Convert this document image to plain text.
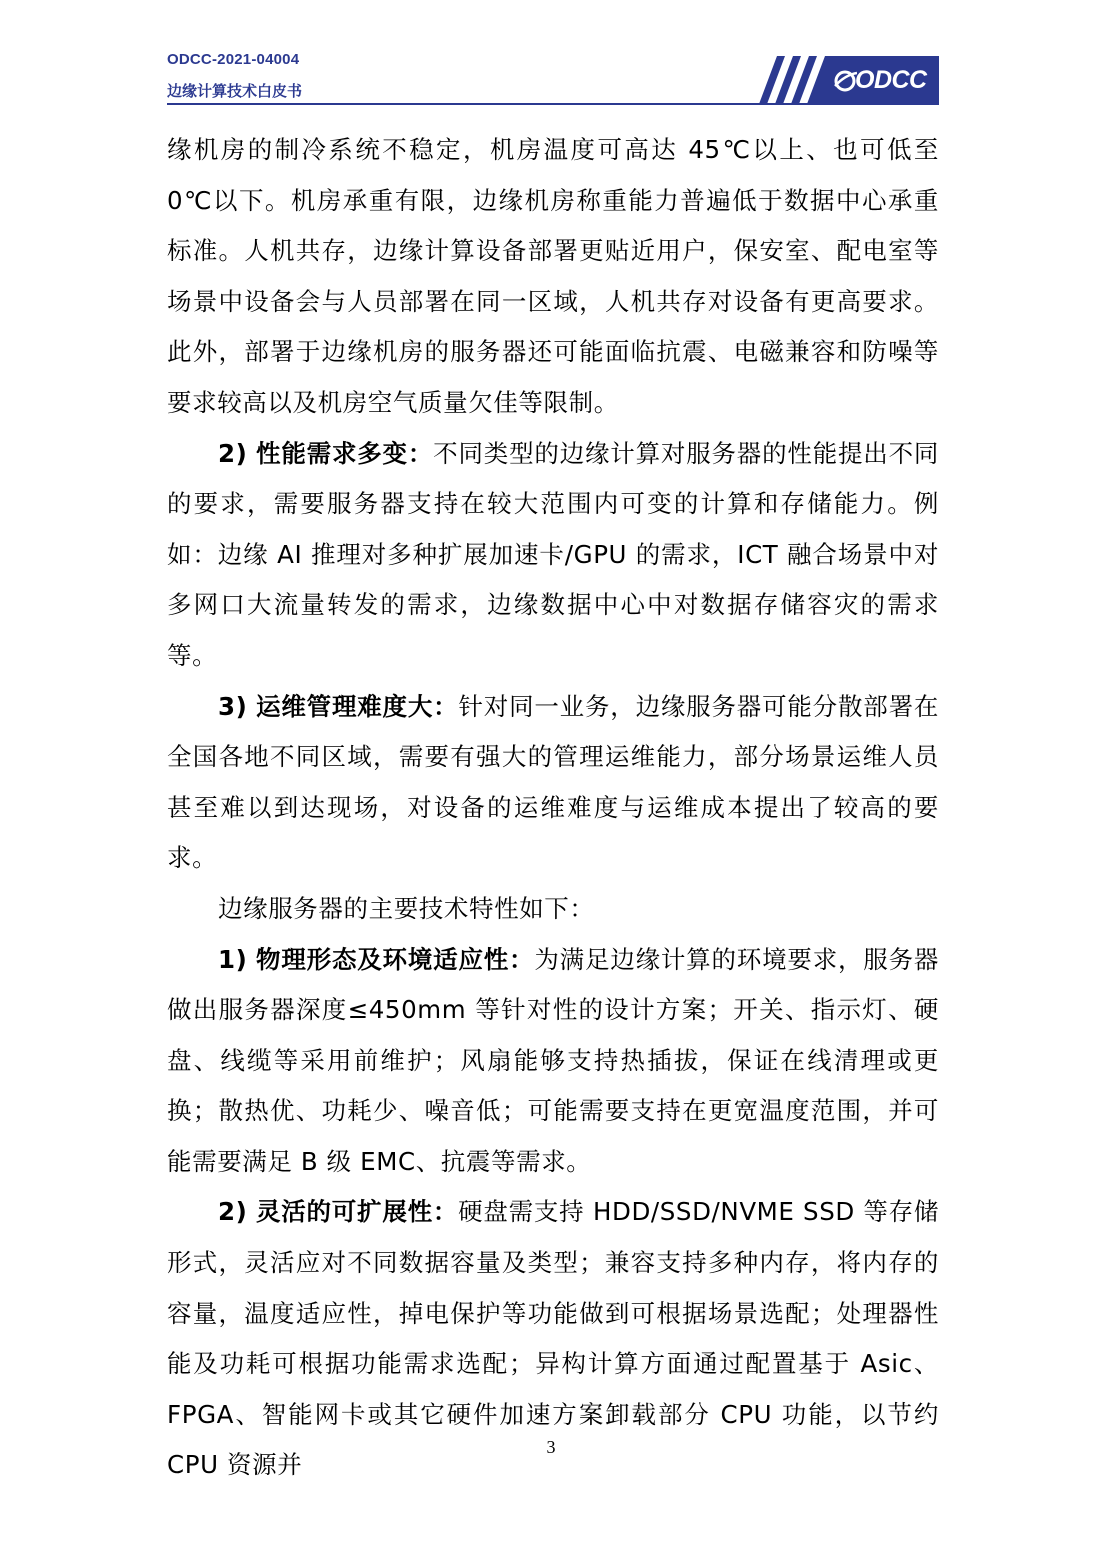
ODCC-2021-04004
边缘计算技术白皮书	ODCC

缘机房的制冷系统不稳定，机房温度可高达 45℃以上、也可低至 0℃以下。机房承重有限，边缘机房称重能力普遍低于数据中心承重标准。人机共存，边缘计算设备部署更贴近用户，保安室、配电室等场景中设备会与人员部署在同一区域，人机共存对设备有更高要求。此外，部署于边缘机房的服务器还可能面临抗震、电磁兼容和防噪等要求较高以及机房空气质量欠佳等限制。

2) 性能需求多变：不同类型的边缘计算对服务器的性能提出不同的要求，需要服务器支持在较大范围内可变的计算和存储能力。例如：边缘 AI 推理对多种扩展加速卡/GPU 的需求，ICT 融合场景中对多网口大流量转发的需求，边缘数据中心中对数据存储容灾的需求等。

3) 运维管理难度大：针对同一业务，边缘服务器可能分散部署在全国各地不同区域，需要有强大的管理运维能力，部分场景运维人员甚至难以到达现场，对设备的运维难度与运维成本提出了较高的要求。

边缘服务器的主要技术特性如下：

1) 物理形态及环境适应性：为满足边缘计算的环境要求，服务器做出服务器深度≤450mm 等针对性的设计方案；开关、指示灯、硬盘、线缆等采用前维护；风扇能够支持热插拔，保证在线清理或更换；散热优、功耗少、噪音低；可能需要支持在更宽温度范围，并可能需要满足 B 级 EMC、抗震等需求。

2) 灵活的可扩展性：硬盘需支持 HDD/SSD/NVME SSD 等存储形式，灵活应对不同数据容量及类型；兼容支持多种内存，将内存的容量，温度适应性，掉电保护等功能做到可根据场景选配；处理器性能及功耗可根据功能需求选配；异构计算方面通过配置基于 Asic、FPGA、智能网卡或其它硬件加速方案卸载部分 CPU 功能，以节约 CPU 资源并

3
